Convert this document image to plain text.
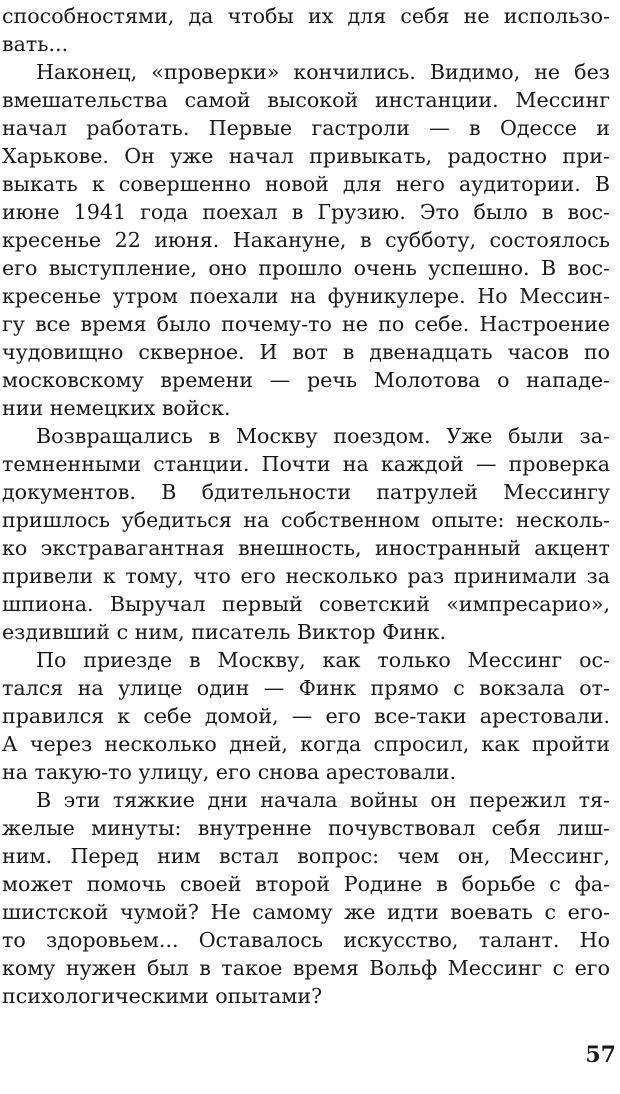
способностями, да чтобы их для себя не использо-
вать...
Наконец, «проверки» кончились. Видимо, не без
вмешательства самой высокой инстанции. Мессинг
начал работать. Первые гастроли — в Одессе и
Харькове. Он уже начал привыкать, радостно при-
выкать к совершенно новой для него аудитории. В
июне 1941 года поехал в Грузию. Это было в вос-
кресенье 22 июня. Накануне, в субботу, состоялось
его выступление, оно прошло очень успешно. В вос-
кресенье утром поехали на фуникулере. Но Мессин-
гу все время было почему-то не по себе. Настроение
чудовищно скверное. И вот в двенадцать часов по
московскому времени — речь Молотова о нападе-
нии немецких войск.
Возвращались в Москву поездом. Уже были за-
темненными станции. Почти на каждой — проверка
документов. В бдительности патрулей Мессингу
пришлось убедиться на собственном опыте: несколь-
ко экстравагантная внешность, иностранный акцент
привели к тому, что его несколько раз принимали за
шпиона. Выручал первый советский «импресарио»,
ездивший с ним, писатель Виктор Финк.
По приезде в Москву, как только Мессинг ос-
тался на улице один — Финк прямо с вокзала от-
правился к себе домой, — его все-таки арестовали.
А через несколько дней, когда спросил, как пройти
на такую-то улицу, его снова арестовали.
В эти тяжкие дни начала войны он пережил тя-
желые минуты: внутренне почувствовал себя лиш-
ним. Перед ним встал вопрос: чем он, Мессинг,
может помочь своей второй Родине в борьбе с фа-
шистской чумой? Не самому же идти воевать с его-
то здоровьем... Оставалось искусство, талант. Но
кому нужен был в такое время Вольф Мессинг с его
психологическими опытами?
57
